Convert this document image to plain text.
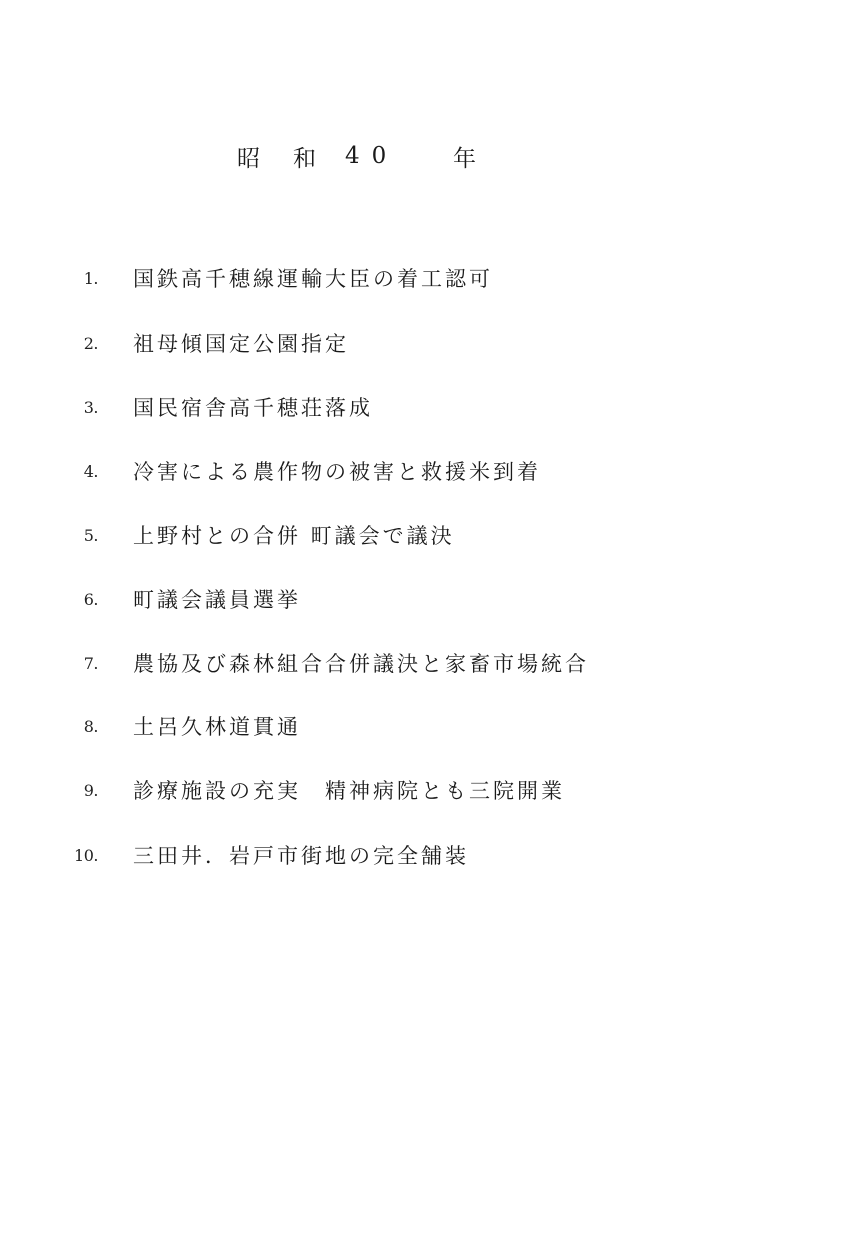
昭	和	40	年
1. 国鉄高千穂線運輸大臣の着工認可
2. 祖母傾国定公園指定
3. 国民宿舎高千穂荘落成
4. 冷害による農作物の被害と救援米到着
5. 上野村との合併 町議会で議決
6. 町議会議員選挙
7. 農協及び森林組合合併議決と家畜市場統合
8. 土呂久林道貫通
9. 診療施設の充実　精神病院とも三院開業
10. 三田井．岩戸市街地の完全舗装
